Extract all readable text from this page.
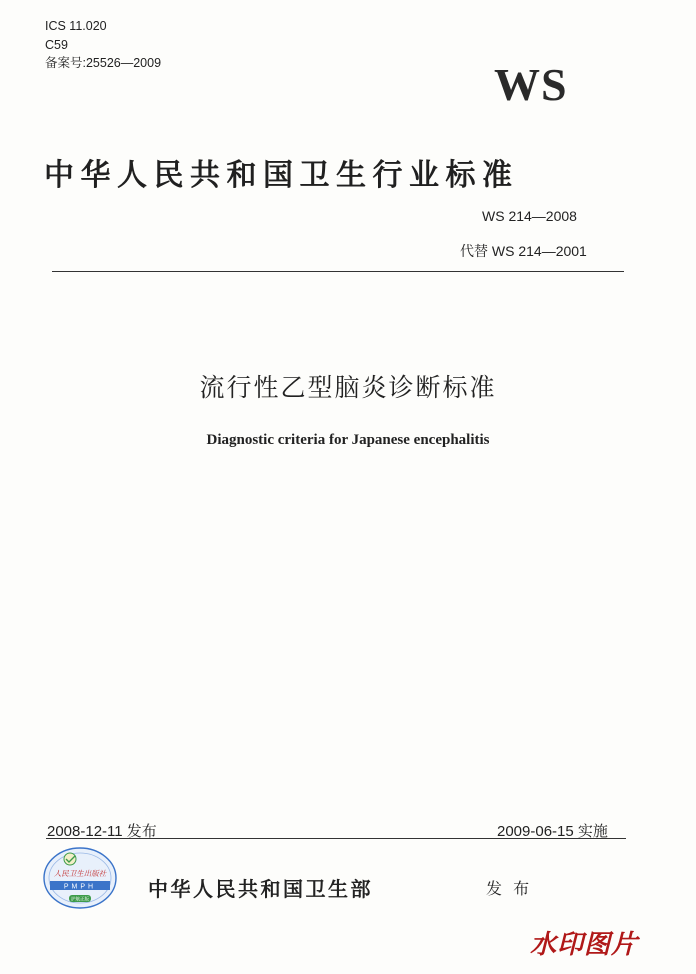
ICS 11.020
C59
备案号:25526—2009	WS
中华人民共和国卫生行业标准
WS 214—2008
代替 WS 214—2001
流行性乙型脑炎诊断标准
Diagnostic criteria for Japanese encephalitis
2008-12-11 发布	2009-06-15 实施
人民卫生出版社
PMPH
护航正版	中华人民共和国卫生部	发 布
水印图片
